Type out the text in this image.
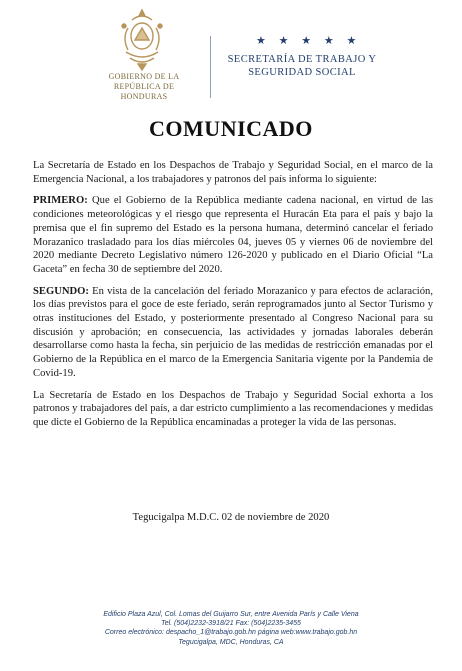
GOBIERNO DE LA
REPÚBLICA DE HONDURAS
★ ★ ★ ★ ★
SECRETARÍA DE TRABAJO Y
SEGURIDAD SOCIAL
COMUNICADO

La Secretaría de Estado en los Despachos de Trabajo y Seguridad Social, en el marco de la Emergencia Nacional, a los trabajadores y patronos del país informa lo siguiente:

PRIMERO: Que el Gobierno de la República mediante cadena nacional, en virtud de las condiciones meteorológicas y el riesgo que representa el Huracán Eta para el país y bajo la premisa que el fin supremo del Estado es la persona humana, determinó cancelar el feriado Morazanico trasladado para los días miércoles 04, jueves 05 y viernes 06 de noviembre del 2020 mediante Decreto Legislativo número 126-2020 y publicado en el Diario Oficial “La Gaceta” en fecha 30 de septiembre del 2020.

SEGUNDO: En vista de la cancelación del feriado Morazanico y para efectos de aclaración, los días previstos para el goce de este feriado, serán reprogramados junto al Sector Turismo y otras instituciones del Estado, y posteriormente presentado al Congreso Nacional para su discusión y aprobación; en consecuencia, las actividades y jornadas laborales deberán desarrollarse como hasta la fecha, sin perjuicio de las medidas de restricción emanadas por el Gobierno de la República en el marco de la Emergencia Sanitaria vigente por la Pandemia de Covid-19.

La Secretaría de Estado en los Despachos de Trabajo y Seguridad Social exhorta a los patronos y trabajadores del país, a dar estricto cumplimiento a las recomendaciones y medidas que dicte el Gobierno de la República encaminadas a proteger la vida de las personas.

Tegucigalpa M.D.C. 02 de noviembre de 2020
Edificio Plaza Azul, Col. Lomas del Guijarro Sur, entre Avenida París y Calle Viena
Tel. (504)2232-3918/21 Fax: (504)2235-3455
Correo electrónico: despacho_1@trabajo.gob.hn página web:www.trabajo.gob.hn
Tegucigalpa, MDC, Honduras, CA
